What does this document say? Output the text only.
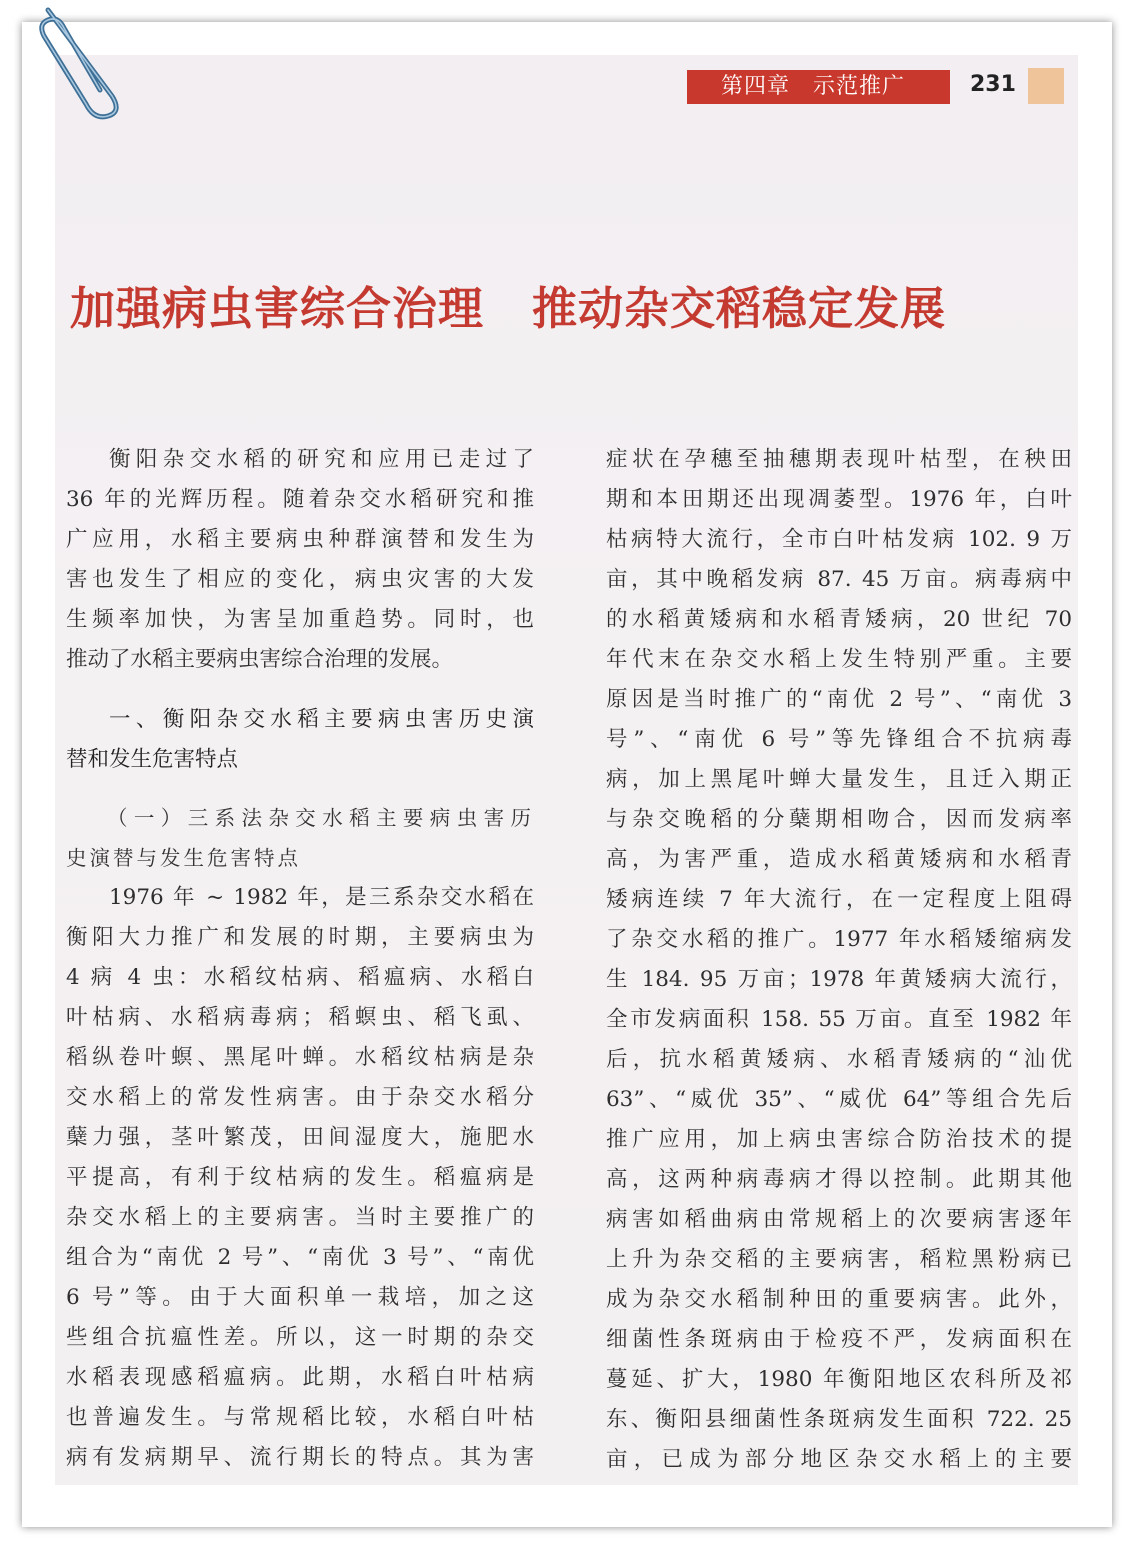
第四章　示范推广	231
加强病虫害综合治理 推动杂交稻稳定发展

衡阳杂交水稻的研究和应用已走过了

36 年的光辉历程。随着杂交水稻研究和推

广应用，水稻主要病虫种群演替和发生为

害也发生了相应的变化，病虫灾害的大发

生频率加快，为害呈加重趋势。同时，也

推动了水稻主要病虫害综合治理的发展。

一、衡阳杂交水稻主要病虫害历史演

替和发生危害特点

（一）三系法杂交水稻主要病虫害历

史演替与发生危害特点

1976 年 ~ 1982 年，是三系杂交水稻在

衡阳大力推广和发展的时期，主要病虫为

4 病 4 虫：水稻纹枯病、稻瘟病、水稻白

叶枯病、水稻病毒病；稻螟虫、稻飞虱、

稻纵卷叶螟、黑尾叶蝉。水稻纹枯病是杂

交水稻上的常发性病害。由于杂交水稻分

蘖力强，茎叶繁茂，田间湿度大，施肥水

平提高，有利于纹枯病的发生。稻瘟病是

杂交水稻上的主要病害。当时主要推广的

组合为“南优 2 号”、“南优 3 号”、“南优

6 号”等。由于大面积单一栽培，加之这

些组合抗瘟性差。所以，这一时期的杂交

水稻表现感稻瘟病。此期，水稻白叶枯病

也普遍发生。与常规稻比较，水稻白叶枯

病有发病期早、流行期长的特点。其为害

症状在孕穗至抽穗期表现叶枯型，在秧田

期和本田期还出现凋萎型。1976 年，白叶

枯病特大流行，全市白叶枯发病 102. 9 万

亩，其中晚稻发病 87. 45 万亩。病毒病中

的水稻黄矮病和水稻青矮病，20 世纪 70

年代末在杂交水稻上发生特别严重。主要

原因是当时推广的“南优 2 号”、“南优 3

号”、“南优 6 号”等先锋组合不抗病毒

病，加上黑尾叶蝉大量发生，且迁入期正

与杂交晚稻的分蘖期相吻合，因而发病率

高，为害严重，造成水稻黄矮病和水稻青

矮病连续 7 年大流行，在一定程度上阻碍

了杂交水稻的推广。1977 年水稻矮缩病发

生 184. 95 万亩；1978 年黄矮病大流行，

全市发病面积 158. 55 万亩。直至 1982 年

后，抗水稻黄矮病、水稻青矮病的“汕优

63”、“威优 35”、“威优 64”等组合先后

推广应用，加上病虫害综合防治技术的提

高，这两种病毒病才得以控制。此期其他

病害如稻曲病由常规稻上的次要病害逐年

上升为杂交稻的主要病害，稻粒黑粉病已

成为杂交水稻制种田的重要病害。此外，

细菌性条斑病由于检疫不严，发病面积在

蔓延、扩大，1980 年衡阳地区农科所及祁

东、衡阳县细菌性条斑病发生面积 722. 25

亩，已成为部分地区杂交水稻上的主要
